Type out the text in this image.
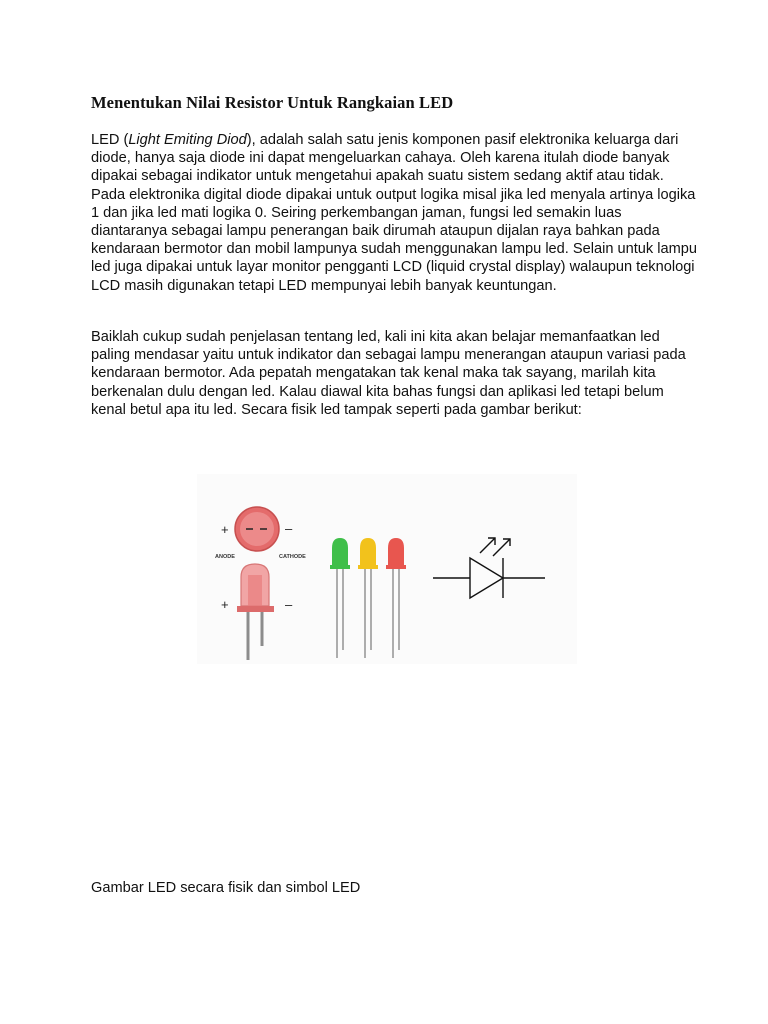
Menentukan Nilai Resistor Untuk Rangkaian LED

LED (Light Emiting Diod), adalah salah satu jenis komponen pasif elektronika keluarga dari diode, hanya saja diode ini dapat mengeluarkan cahaya. Oleh karena itulah diode banyak dipakai sebagai indikator untuk mengetahui apakah suatu sistem sedang aktif atau tidak. Pada elektronika digital diode dipakai untuk output logika misal jika led menyala artinya logika 1 dan jika led mati logika 0. Seiring perkembangan jaman, fungsi led semakin luas diantaranya sebagai lampu penerangan baik dirumah ataupun dijalan raya bahkan pada kendaraan bermotor dan mobil lampunya sudah menggunakan lampu led. Selain untuk lampu led juga dipakai untuk layar monitor pengganti LCD (liquid crystal display) walaupun teknologi LCD masih digunakan tetapi LED mempunyai lebih banyak keuntungan.

Baiklah cukup sudah penjelasan tentang led, kali ini kita akan belajar memanfaatkan led paling mendasar yaitu untuk indikator dan sebagai lampu menerangan ataupun variasi pada kendaraan bermotor. Ada pepatah mengatakan tak kenal maka tak sayang, marilah kita berkenalan dulu dengan led. Kalau diawal kita bahas fungsi dan aplikasi led tetapi belum kenal betul apa itu led. Secara fisik led tampak seperti pada gambar berikut:

+	–
ANODE	CATHODE
+	–

Gambar LED secara fisik dan simbol LED
